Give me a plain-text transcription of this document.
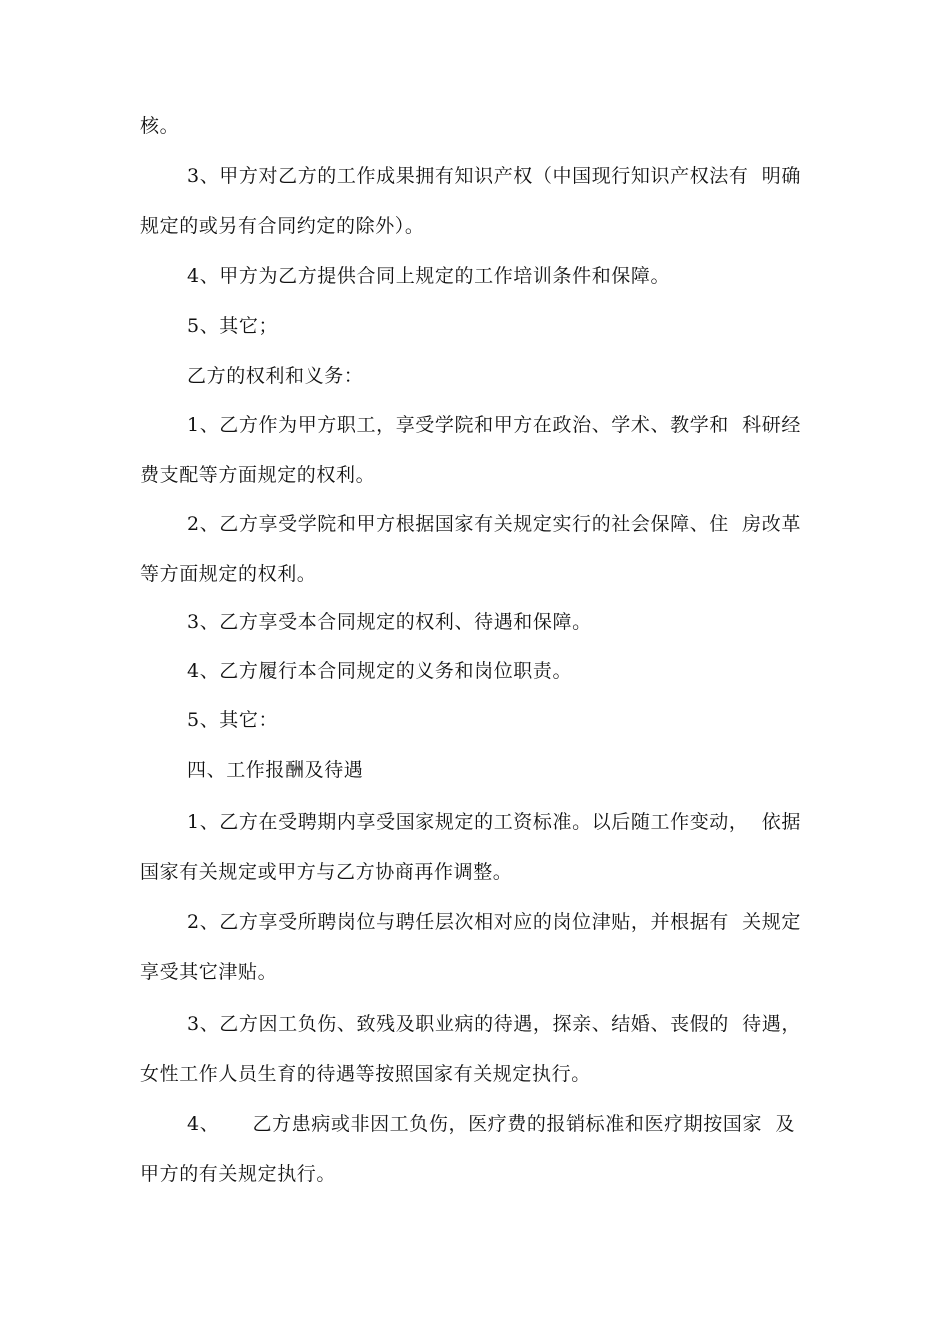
核。
3、甲方对乙方的工作成果拥有知识产权（中国现行知识产权法有  明确
规定的或另有合同约定的除外）。
4、甲方为乙方提供合同上规定的工作培训条件和保障。
5、其它；
乙方的权利和义务：
1、乙方作为甲方职工，享受学院和甲方在政治、学术、教学和  科研经
费支配等方面规定的权利。
2、乙方享受学院和甲方根据国家有关规定实行的社会保障、住  房改革
等方面规定的权利。
3、乙方享受本合同规定的权利、待遇和保障。
4、乙方履行本合同规定的义务和岗位职责。
5、其它：
四、工作报酬及待遇
1、乙方在受聘期内享受国家规定的工资标准。以后随工作变动，  依据
国家有关规定或甲方与乙方协商再作调整。
2、乙方享受所聘岗位与聘任层次相对应的岗位津贴，并根据有  关规定
享受其它津贴。
3、乙方因工负伤、致残及职业病的待遇，探亲、结婚、丧假的  待遇，
女性工作人员生育的待遇等按照国家有关规定执行。
4、     乙方患病或非因工负伤，医疗费的报销标准和医疗期按国家  及
甲方的有关规定执行。
